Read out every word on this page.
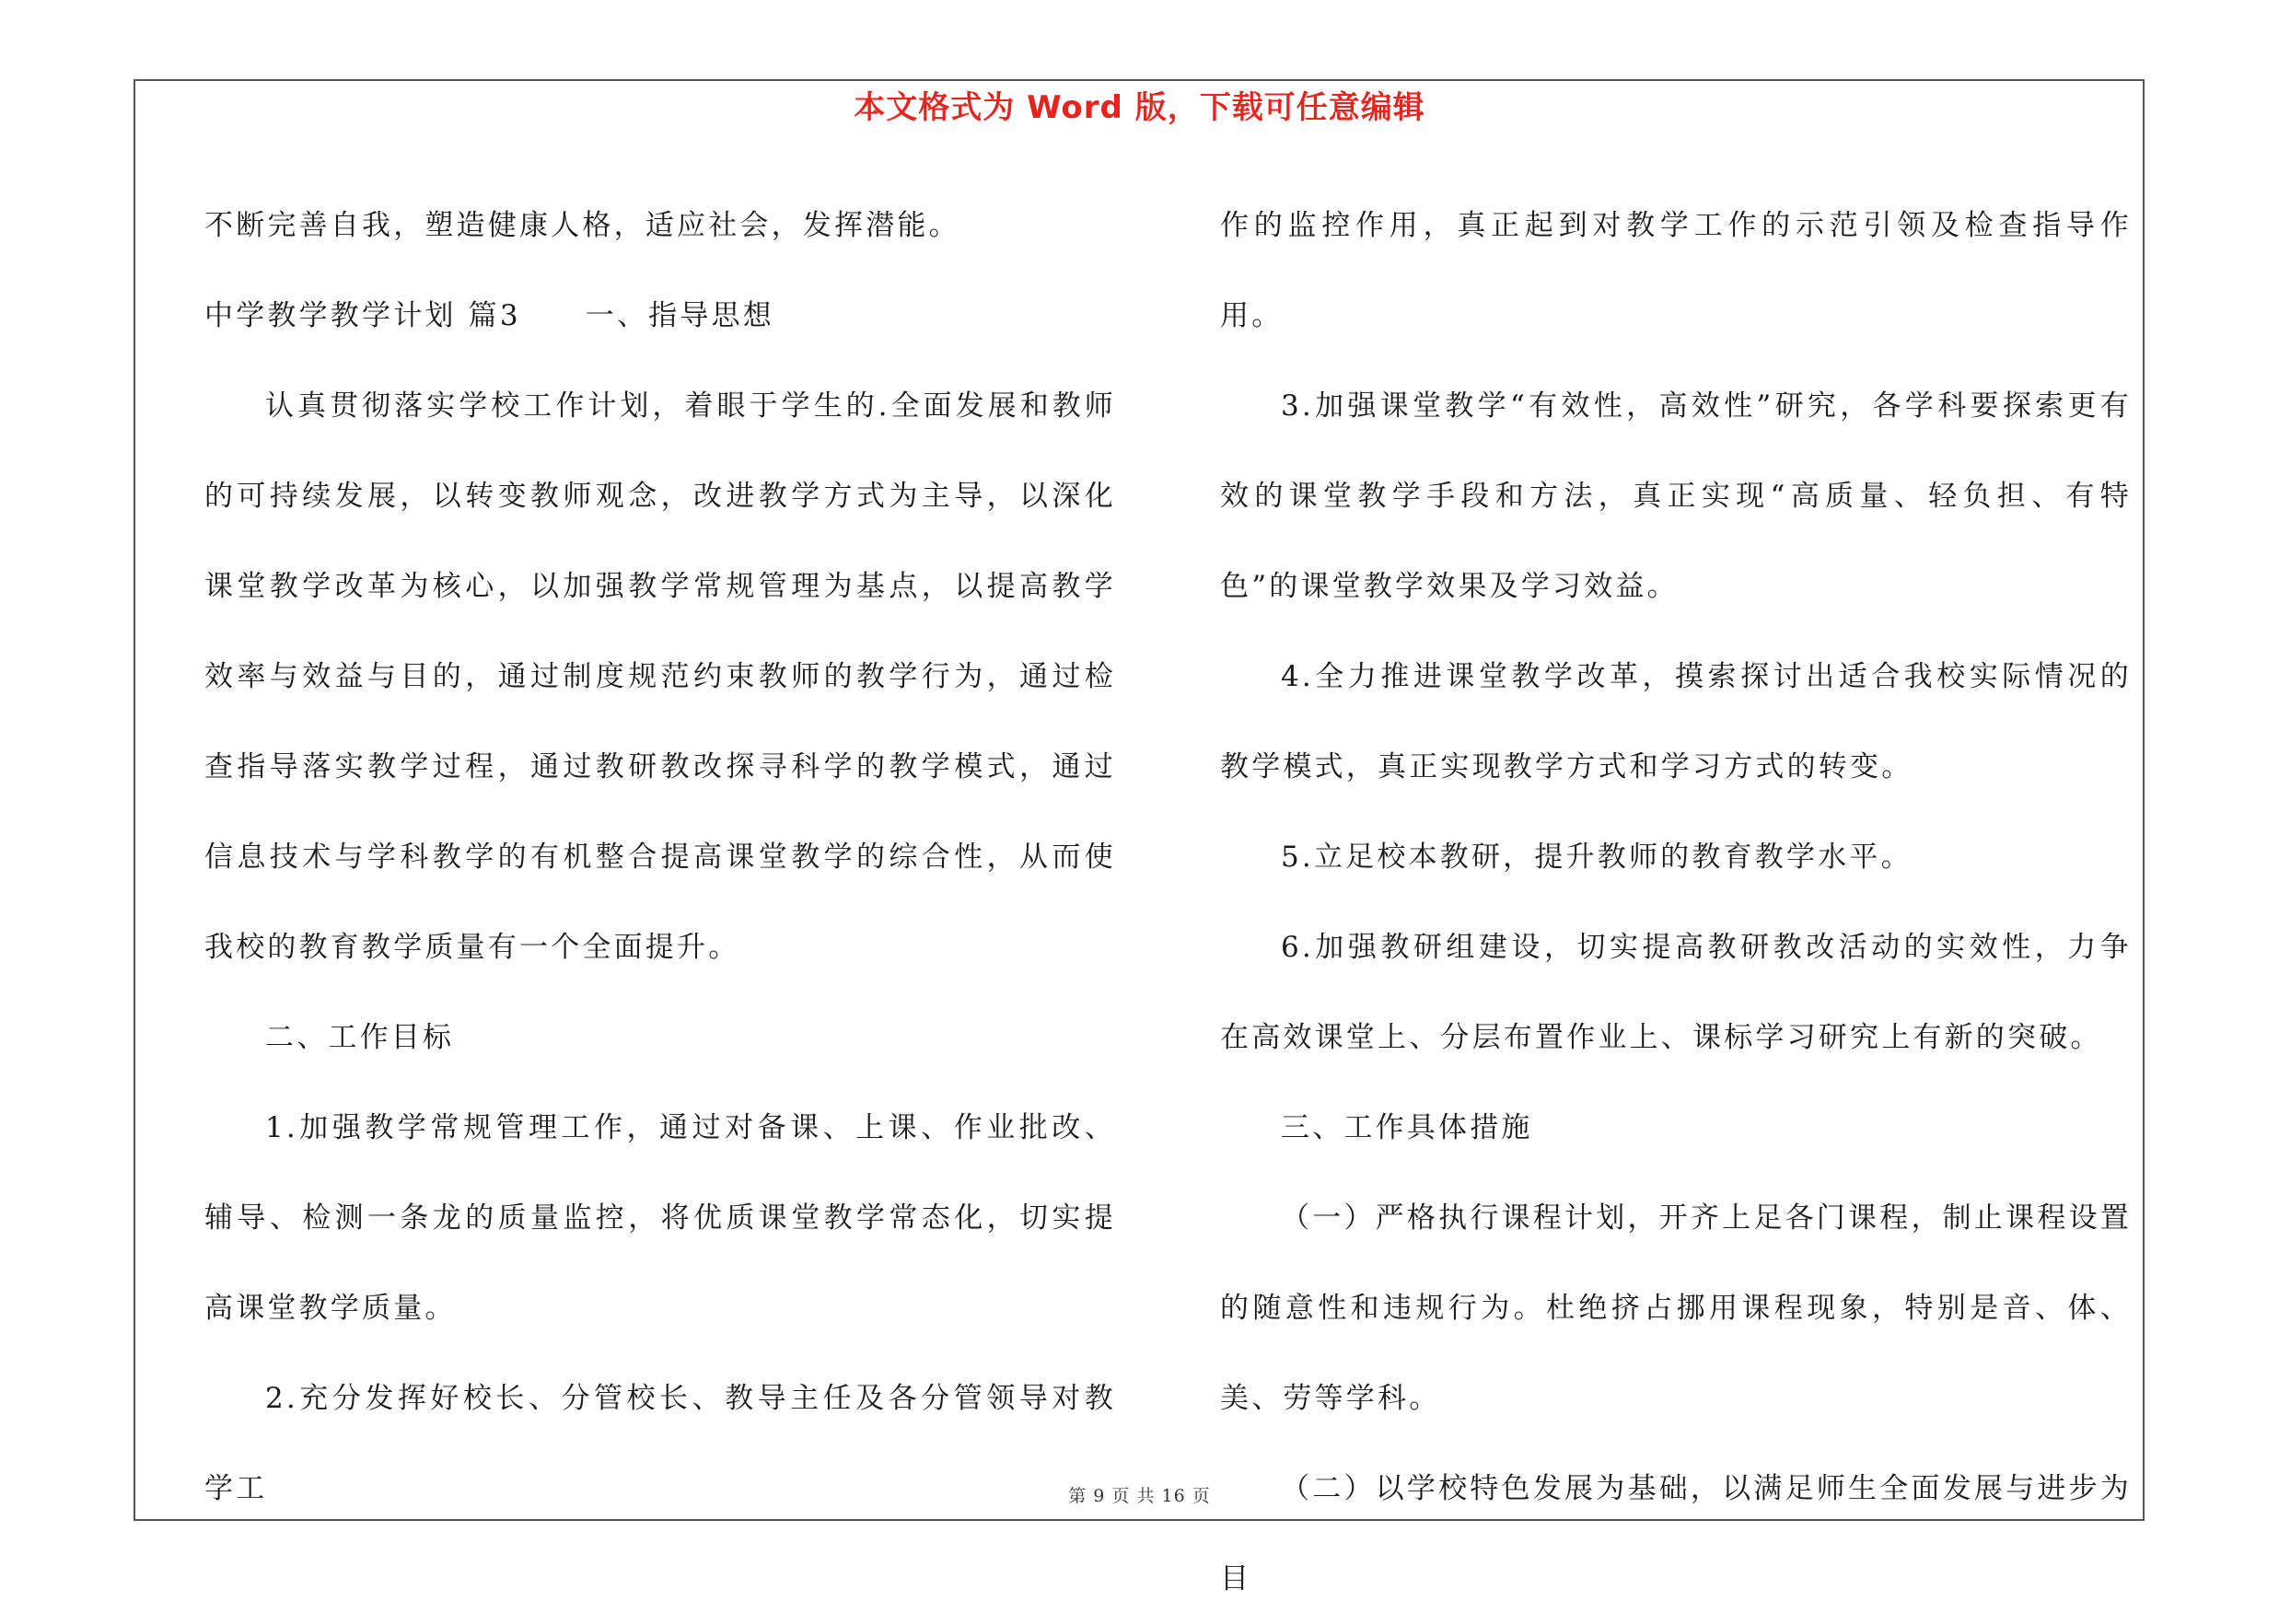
本文格式为 Word 版，下载可任意编辑

不断完善自我，塑造健康人格，适应社会，发挥潜能。

中学教学教学计划 篇3 一、指导思想

认真贯彻落实学校工作计划，着眼于学生的.全面发展和教师的可持续发展，以转变教师观念，改进教学方式为主导，以深化课堂教学改革为核心，以加强教学常规管理为基点，以提高教学效率与效益与目的，通过制度规范约束教师的教学行为，通过检查指导落实教学过程，通过教研教改探寻科学的教学模式，通过信息技术与学科教学的有机整合提高课堂教学的综合性，从而使我校的教育教学质量有一个全面提升。

二、工作目标

1.加强教学常规管理工作，通过对备课、上课、作业批改、辅导、检测一条龙的质量监控，将优质课堂教学常态化，切实提高课堂教学质量。

2.充分发挥好校长、分管校长、教导主任及各分管领导对教学工

作的监控作用，真正起到对教学工作的示范引领及检查指导作用。

3.加强课堂教学“有效性，高效性”研究，各学科要探索更有效的课堂教学手段和方法，真正实现“高质量、轻负担、有特色”的课堂教学效果及学习效益。

4.全力推进课堂教学改革，摸索探讨出适合我校实际情况的教学模式，真正实现教学方式和学习方式的转变。

5.立足校本教研，提升教师的教育教学水平。

6.加强教研组建设，切实提高教研教改活动的实效性，力争在高效课堂上、分层布置作业上、课标学习研究上有新的突破。

三、工作具体措施

（一）严格执行课程计划，开齐上足各门课程，制止课程设置的随意性和违规行为。杜绝挤占挪用课程现象，特别是音、体、美、劳等学科。

（二）以学校特色发展为基础，以满足师生全面发展与进步为目

第 9 页 共 16 页
